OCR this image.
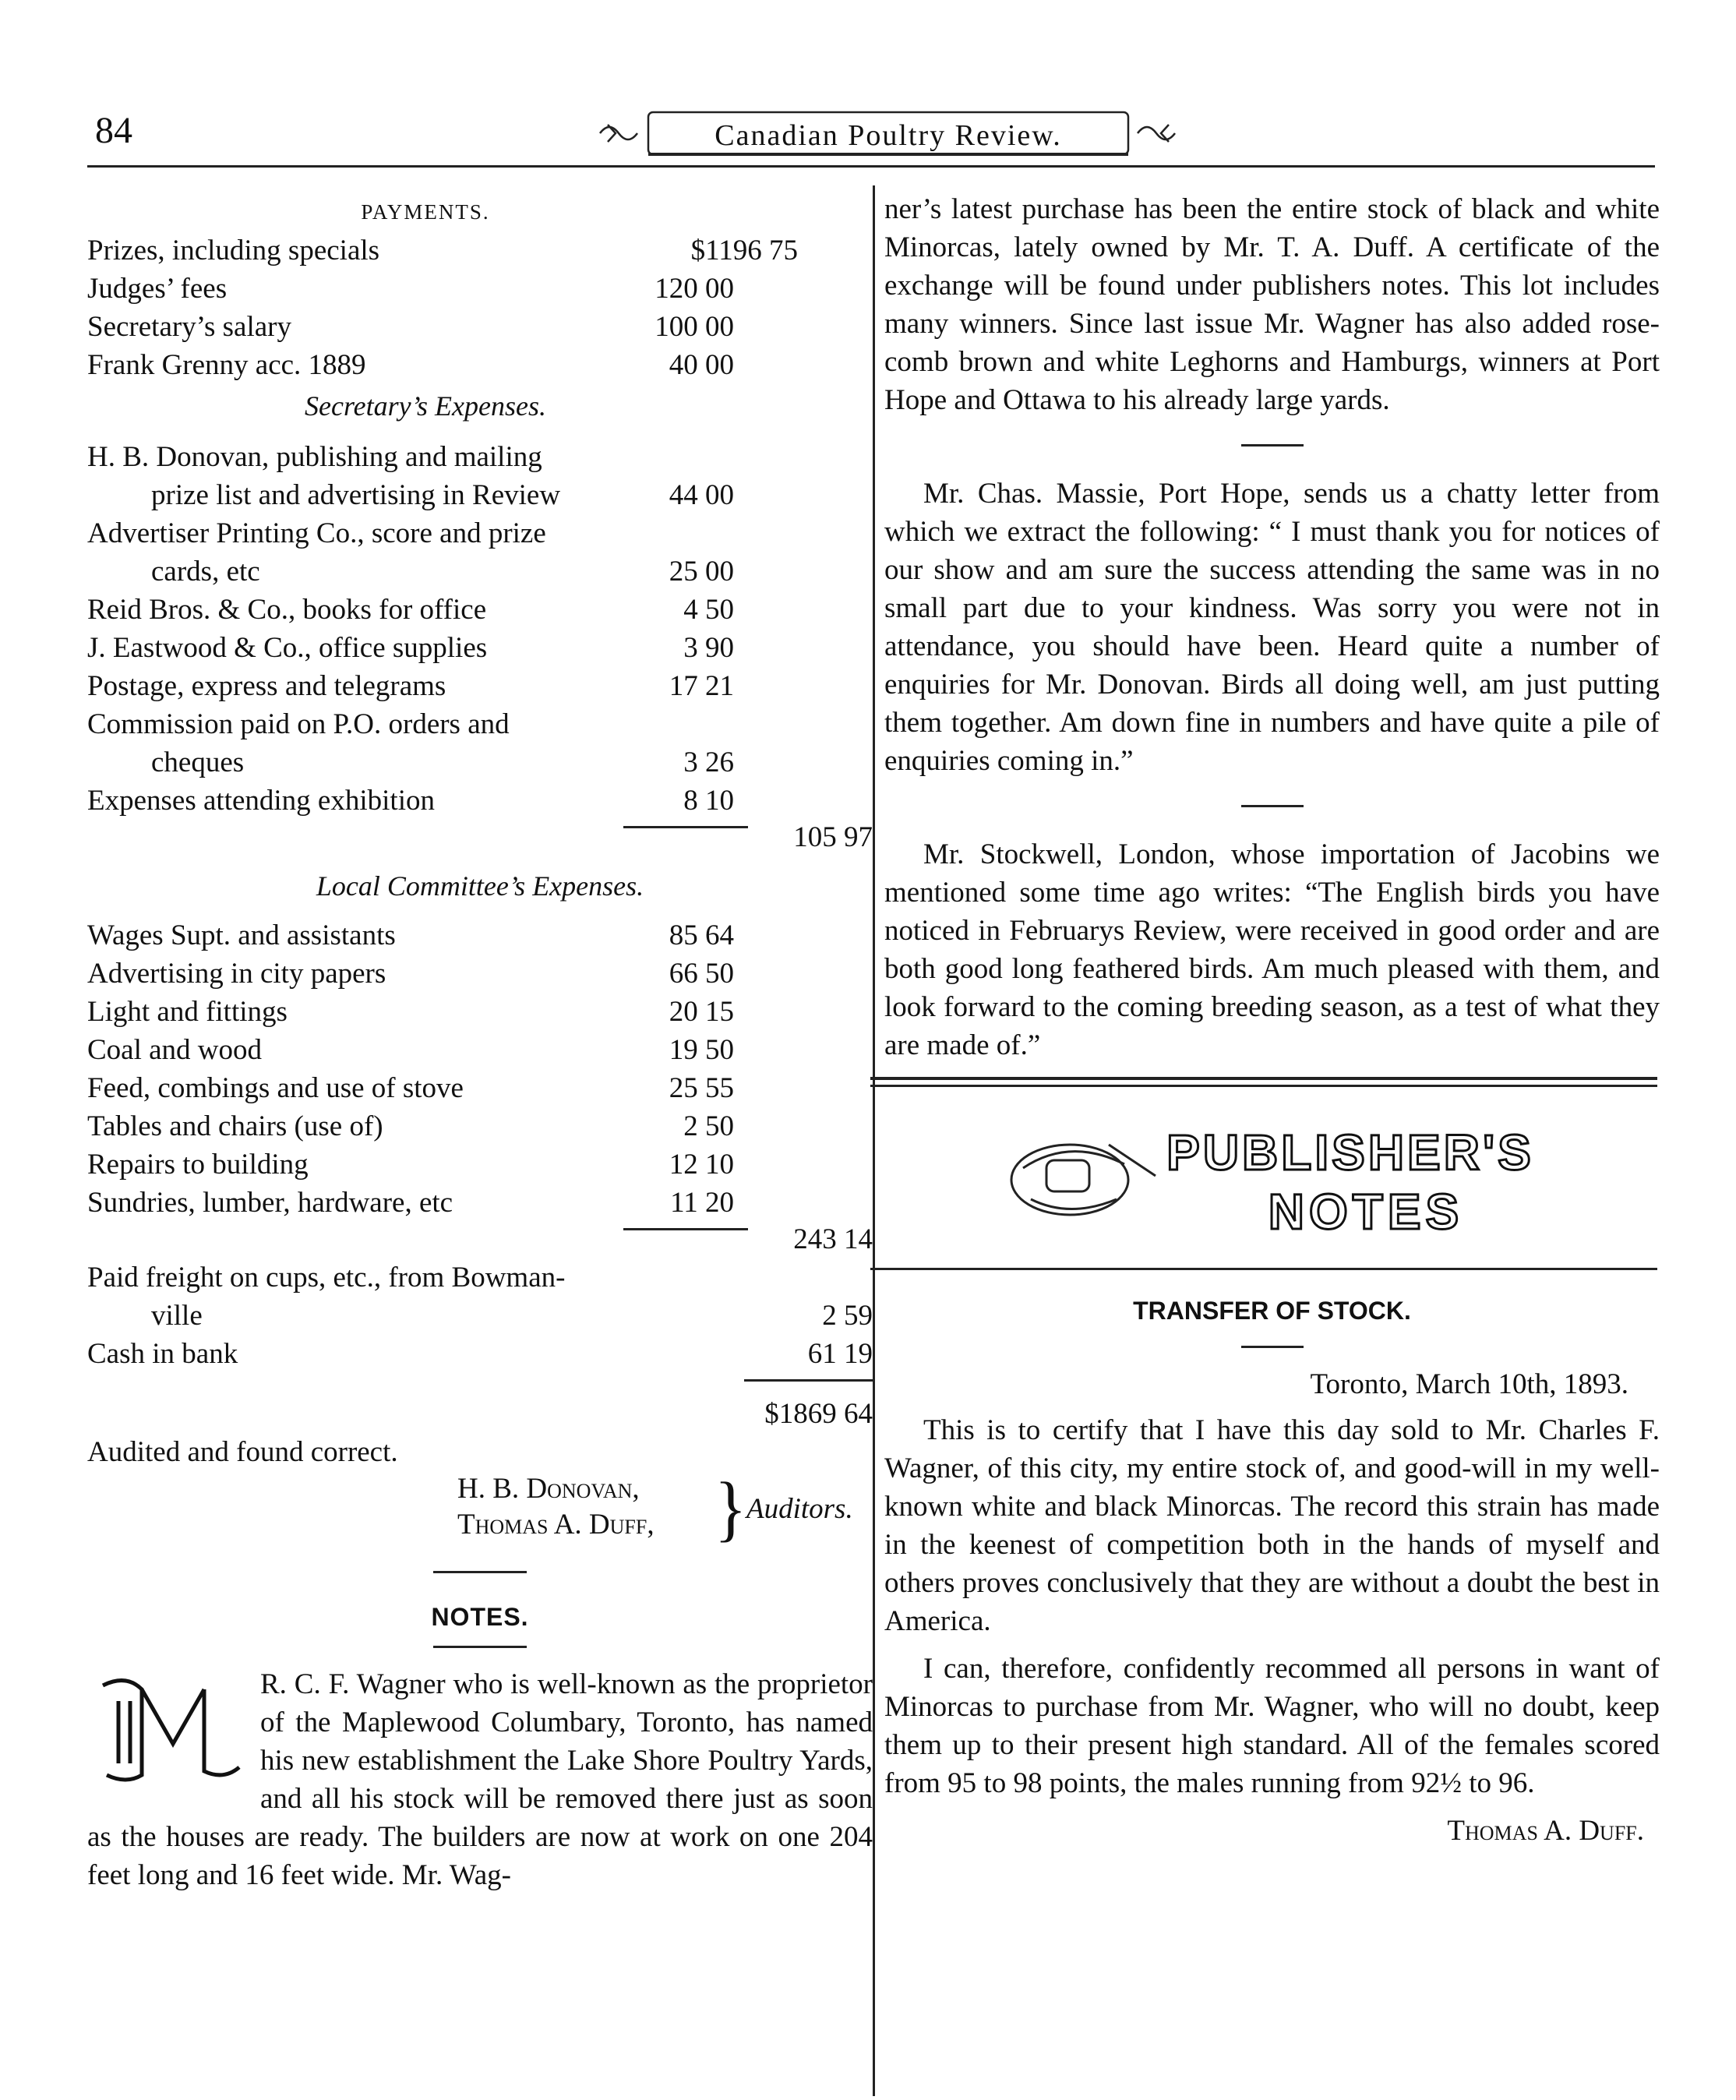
84	Canadian Poultry Review.
PAYMENTS.
Prizes, including specials	$1196 75
Judges’ fees	120 00
Secretary’s salary	100 00
Frank Grenny acc. 1889	40 00
Secretary’s Expenses.
H. B. Donovan, publishing and mailing
prize list and advertising in Review	44 00
Advertiser Printing Co., score and prize
cards, etc	25 00
Reid Bros. & Co., books for office	4 50
J. Eastwood & Co., office supplies	3 90
Postage, express and telegrams	17 21
Commission paid on P.O. orders and
cheques	3 26
Expenses attending exhibition	8 10
105 97
Local Committee’s Expenses.
Wages Supt. and assistants	85 64
Advertising in city papers	66 50
Light and fittings	20 15
Coal and wood	19 50
Feed, combings and use of stove	25 55
Tables and chairs (use of)	2 50
Repairs to building	12 10
Sundries, lumber, hardware, etc	11 20
243 14
Paid freight on cups, etc., from Bowman-
ville	2 59
Cash in bank	61 19
$1869 64
Audited and found correct.
H. B. Donovan,
Thomas A. Duff, } Auditors.
NOTES.
R. C. F. Wagner who is well-known as the proprietor of the Maplewood Columbary, Toronto, has named his new establishment the Lake Shore Poultry Yards, and all his stock will be removed there just as soon as the houses are ready. The builders are now at work on one 204 feet long and 16 feet wide. Mr. Wag-

ner’s latest purchase has been the entire stock of black and white Minorcas, lately owned by Mr. T. A. Duff. A certificate of the exchange will be found under publishers notes. This lot includes many winners. Since last issue Mr. Wagner has also added rose-comb brown and white Leghorns and Hamburgs, winners at Port Hope and Ottawa to his already large yards.

Mr. Chas. Massie, Port Hope, sends us a chatty letter from which we extract the following: “ I must thank you for notices of our show and am sure the success attending the same was in no small part due to your kindness. Was sorry you were not in attendance, you should have been. Heard quite a number of enquiries for Mr. Donovan. Birds all doing well, am just putting them together. Am down fine in numbers and have quite a pile of enquiries coming in.”

Mr. Stockwell, London, whose importation of Jacobins we mentioned some time ago writes: “The English birds you have noticed in Februarys Review, were received in good order and are both good long feathered birds. Am much pleased with them, and look forward to the coming breeding season, as a test of what they are made of.”

PUBLISHER'S
NOTES
TRANSFER OF STOCK.
Toronto, March 10th, 1893.

This is to certify that I have this day sold to Mr. Charles F. Wagner, of this city, my entire stock of, and good-will in my well-known white and black Minorcas. The record this strain has made in the keenest of competition both in the hands of myself and others proves conclusively that they are without a doubt the best in America.

I can, therefore, confidently recommed all persons in want of Minorcas to purchase from Mr. Wagner, who will no doubt, keep them up to their present high standard. All of the females scored from 95 to 98 points, the males running from 92½ to 96.

Thomas A. Duff.
